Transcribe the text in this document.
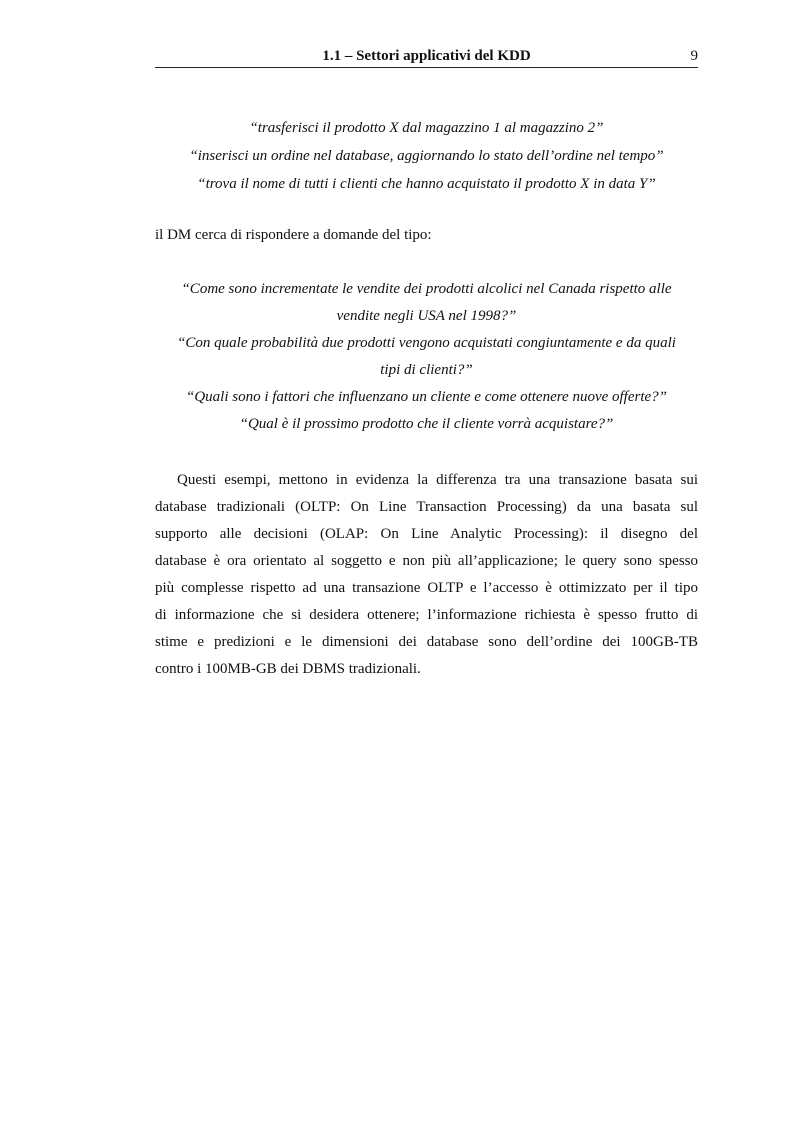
1.1 – Settori applicativi del KDD	9
“trasferisci il prodotto X dal magazzino 1 al magazzino 2”
“inserisci un ordine nel database, aggiornando lo stato dell’ordine nel tempo”
“trova il nome di tutti i clienti che hanno acquistato il prodotto X in data Y”
il DM cerca di rispondere a domande del tipo:
“Come sono incrementate le vendite dei prodotti alcolici nel Canada rispetto alle
vendite negli USA nel 1998?”
“Con quale probabilità due prodotti vengono acquistati congiuntamente e da quali
tipi di clienti?”
“Quali sono i fattori che influenzano un cliente e come ottenere nuove offerte?”
“Qual è il prossimo prodotto che il cliente vorrà acquistare?”
Questi esempi, mettono in evidenza la differenza tra una transazione basata sui
database tradizionali (OLTP: On Line Transaction Processing) da una basata sul
supporto alle decisioni (OLAP: On Line Analytic Processing): il disegno del
database è ora orientato al soggetto e non più all’applicazione; le query sono spesso
più complesse rispetto ad una transazione OLTP e l’accesso è ottimizzato per il tipo
di informazione che si desidera ottenere; l’informazione richiesta è spesso frutto di
stime e predizioni e le dimensioni dei database sono dell’ordine dei 100GB-TB
contro i 100MB-GB dei DBMS tradizionali.
